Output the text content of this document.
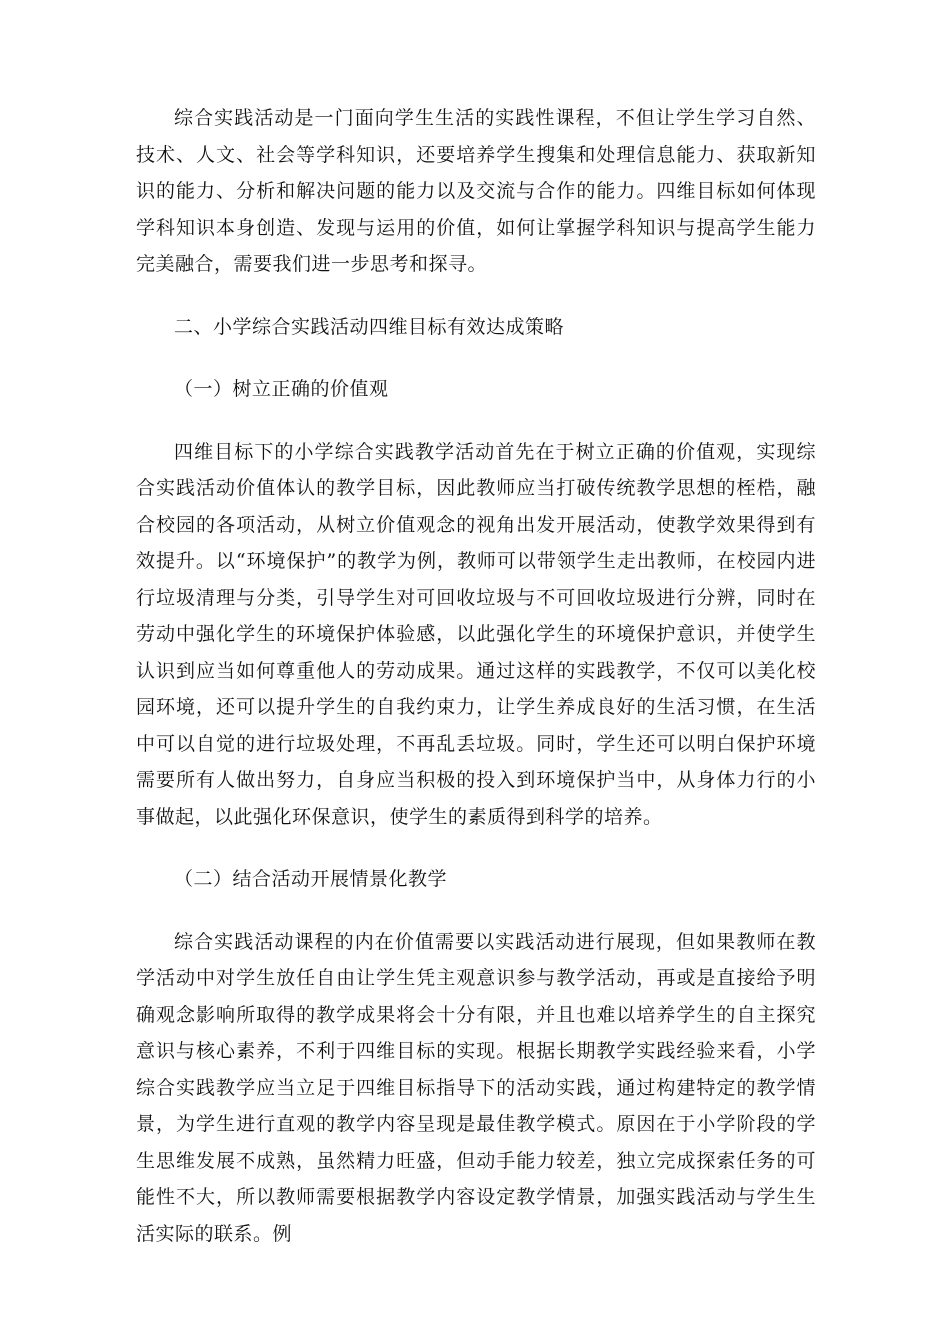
综合实践活动是一门面向学生生活的实践性课程，不但让学生学习自然、技术、人文、社会等学科知识，还要培养学生搜集和处理信息能力、获取新知识的能力、分析和解决问题的能力以及交流与合作的能力。四维目标如何体现学科知识本身创造、发现与运用的价值，如何让掌握学科知识与提高学生能力完美融合，需要我们进一步思考和探寻。

二、小学综合实践活动四维目标有效达成策略

（一）树立正确的价值观

四维目标下的小学综合实践教学活动首先在于树立正确的价值观，实现综合实践活动价值体认的教学目标，因此教师应当打破传统教学思想的桎梏，融合校园的各项活动，从树立价值观念的视角出发开展活动，使教学效果得到有效提升。以“环境保护”的教学为例，教师可以带领学生走出教师，在校园内进行垃圾清理与分类，引导学生对可回收垃圾与不可回收垃圾进行分辨，同时在劳动中强化学生的环境保护体验感，以此强化学生的环境保护意识，并使学生认识到应当如何尊重他人的劳动成果。通过这样的实践教学，不仅可以美化校园环境，还可以提升学生的自我约束力，让学生养成良好的生活习惯，在生活中可以自觉的进行垃圾处理，不再乱丢垃圾。同时，学生还可以明白保护环境需要所有人做出努力，自身应当积极的投入到环境保护当中，从身体力行的小事做起，以此强化环保意识，使学生的素质得到科学的培养。

（二）结合活动开展情景化教学

综合实践活动课程的内在价值需要以实践活动进行展现，但如果教师在教学活动中对学生放任自由让学生凭主观意识参与教学活动，再或是直接给予明确观念影响所取得的教学成果将会十分有限，并且也难以培养学生的自主探究意识与核心素养，不利于四维目标的实现。根据长期教学实践经验来看，小学综合实践教学应当立足于四维目标指导下的活动实践，通过构建特定的教学情景，为学生进行直观的教学内容呈现是最佳教学模式。原因在于小学阶段的学生思维发展不成熟，虽然精力旺盛，但动手能力较差，独立完成探索任务的可能性不大，所以教师需要根据教学内容设定教学情景，加强实践活动与学生生活实际的联系。例
